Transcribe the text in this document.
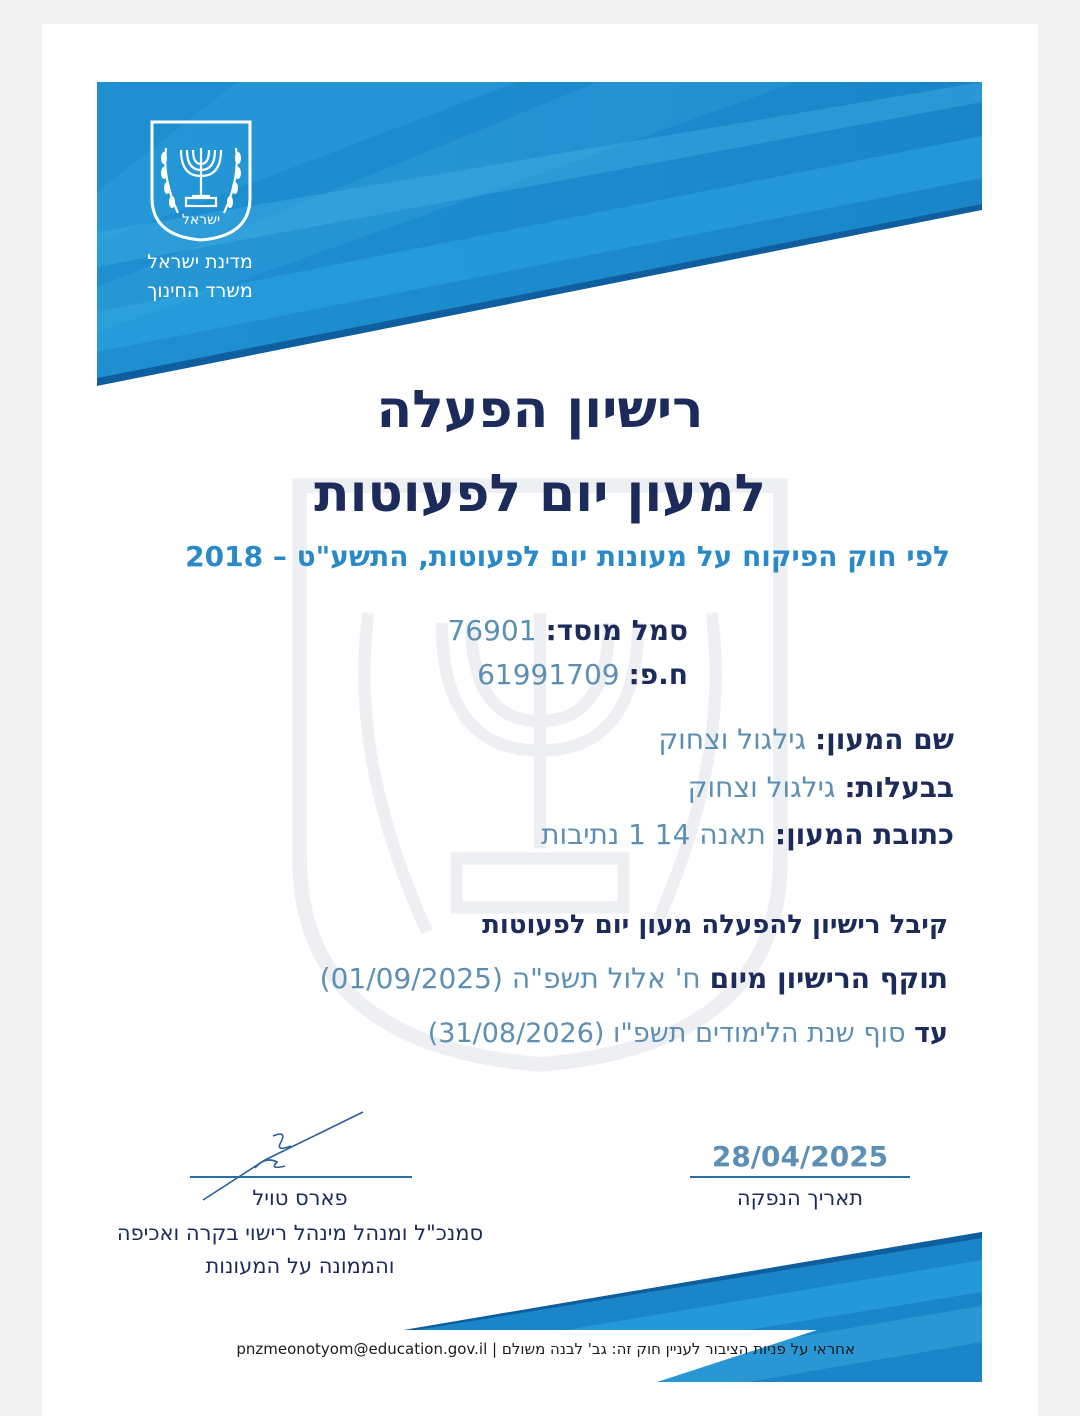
ישראל
מדינת ישראל
משרד החינוך
רישיון הפעלה
למעון יום לפעוטות
לפי חוק הפיקוח על מעונות יום לפעוטות, התשע"ט – 2018
סמל מוסד: 76901
ח.פ: 61991709
שם המעון: גילגול וצחוק
בבעלות: גילגול וצחוק
כתובת המעון: תאנה 14 1 נתיבות
קיבל רישיון להפעלה מעון יום לפעוטות
תוקף הרישיון מיום ח' אלול תשפ"ה (01/09/2025)
עד סוף שנת הלימודים תשפ"ו (31/08/2026)
28/04/2025
תאריך הנפקה
פארס טויל
סמנכ"ל ומנהל מינהל רישוי בקרה ואכיפה
והממונה על המעונות
אחראי על פניות הציבור לעניין חוק זה: גב' לבנה משולם | pnzmeonotyom@education.gov.il
